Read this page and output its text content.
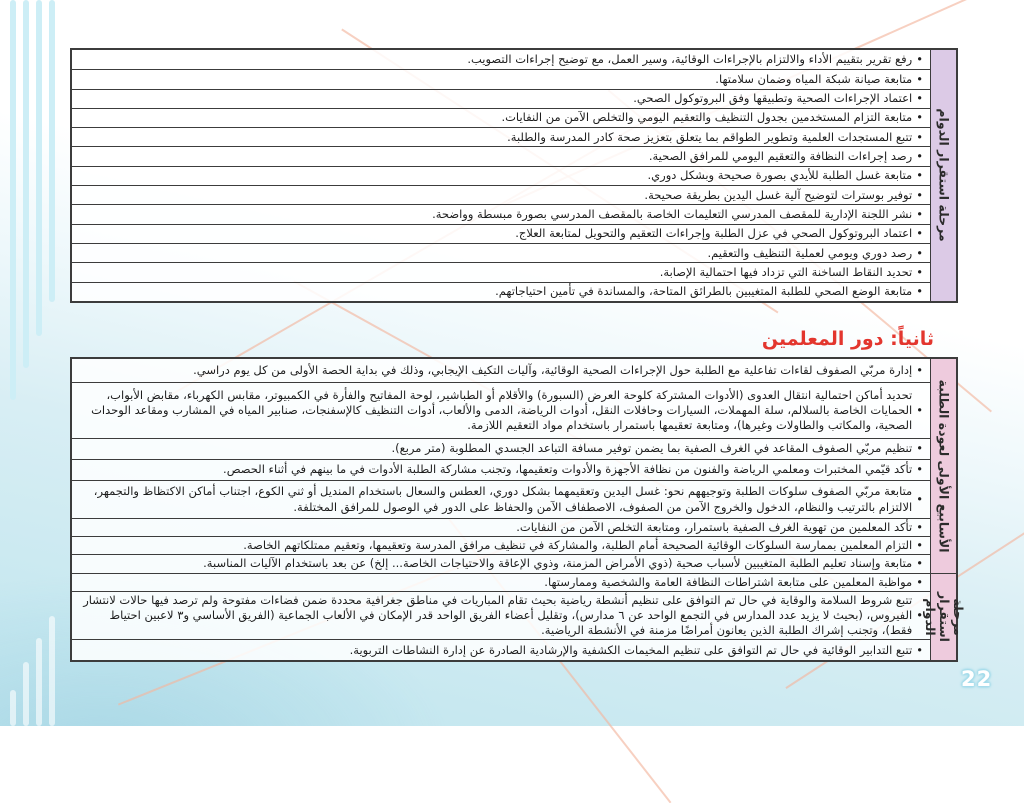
مرحلة استقرار الدوام
•
رفع تقرير بتقييم الأداء والالتزام بالإجراءات الوقائية، وسير العمل، مع توضيح إجراءات التصويب.
•
متابعة صيانة شبكة المياه وضمان سلامتها.
•
اعتماد الإجراءات الصحية وتطبيقها وفق البروتوكول الصحي.
•
متابعة التزام المستخدمين بجدول التنظيف والتعقيم اليومي والتخلص الآمن من النفايات.
•
تتبع المستجدات العلمية وتطوير الطواقم بما يتعلق بتعزيز صحة كادر المدرسة والطلبة.
•
رصد إجراءات النظافة والتعقيم اليومي للمرافق الصحية.
•
متابعة غسل الطلبة للأيدي بصورة صحيحة وبشكل دوري.
•
توفير بوسترات لتوضيح آلية غسل اليدين بطريقة صحيحة.
•
نشر اللجنة الإدارية للمقصف المدرسي التعليمات الخاصة بالمقصف المدرسي بصورة مبسطة وواضحة.
•
اعتماد البروتوكول الصحي في عزل الطلبة وإجراءات التعقيم والتحويل لمتابعة العلاج.
•
رصد دوري ويومي لعملية التنظيف والتعقيم.
•
تحديد النقاط الساخنة التي تزداد فيها احتمالية الإصابة.
•
متابعة الوضع الصحي للطلبة المتغيبين بالطرائق المتاحة، والمساندة في تأمين احتياجاتهم.
ثانياً: دور المعلمين
الأسابيع الأولى لعودة الطلبة
•
إدارة مربّي الصفوف لقاءات تفاعلية مع الطلبة حول الإجراءات الصحية الوقائية، وآليات التكيف الإيجابي، وذلك في بداية الحصة الأولى من كل يوم دراسي.
•
تحديد أماكن احتمالية انتقال العدوى (الأدوات المشتركة كلوحة العرض (السبورة) والأقلام أو الطباشير، لوحة المفاتيح والفأرة في الكمبيوتر، مقابس الكهرباء، مقابض الأبواب، الحمايات الخاصة بالسلالم، سلة المهملات، السيارات وحافلات النقل، أدوات الرياضة، الدمى والألعاب، أدوات التنظيف كالإسفنجات، صنابير المياه في المشارب ومقاعد الوحدات الصحية، والمكاتب والطاولات وغيرها)، ومتابعة تعقيمها باستمرار باستخدام مواد التعقيم اللازمة.
•
تنظيم مربّي الصفوف المقاعد في الغرف الصفية بما يضمن توفير مسافة التباعد الجسدي المطلوبة (متر مربع).
•
تأكد قيّمي المختبرات ومعلمي الرياضة والفنون من نظافة الأجهزة والأدوات وتعقيمها، وتجنب مشاركة الطلبة الأدوات في ما بينهم في أثناء الحصص.
•
متابعة مربّي الصفوف سلوكات الطلبة وتوجيههم نحو: غسل اليدين وتعقيمهما بشكل دوري، العطس والسعال باستخدام المنديل أو ثني الكوع، اجتناب أماكن الاكتظاظ والتجمهر، الالتزام بالترتيب والنظام، الدخول والخروج الآمن من الصفوف، الاصطفاف الآمن والحفاظ على الدور في الوصول للمرافق المختلفة.
•
تأكد المعلمين من تهوية الغرف الصفية باستمرار، ومتابعة التخلص الآمن من النفايات.
•
التزام المعلمين بممارسة السلوكات الوقائية الصحيحة أمام الطلبة، والمشاركة في تنظيف مرافق المدرسة وتعقيمها، وتعقيم ممتلكاتهم الخاصة.
•
متابعة وإسناد تعليم الطلبة المتغيبين لأسباب صحية (ذوي الأمراض المزمنة، وذوي الإعاقة والاحتياجات الخاصة... إلخ) عن بعد باستخدام الآليات المناسبة.
مرحلة استقرار الدوام
•
مواظبة المعلمين على متابعة اشتراطات النظافة العامة والشخصية وممارستها.
•
تتبع شروط السلامة والوقاية في حال تم التوافق على تنظيم أنشطة رياضية بحيث تقام المباريات في مناطق جغرافية محددة ضمن فضاءات مفتوحة ولم ترصد فيها حالات لانتشار الفيروس، (بحيث لا يزيد عدد المدارس في التجمع الواحد عن ٦ مدارس)، وتقليل أعضاء الفريق الواحد قدر الإمكان في الألعاب الجماعية (الفريق الأساسي و٣ لاعبين احتياط فقط)، وتجنب إشراك الطلبة الذين يعانون أمراضًا مزمنة في الأنشطة الرياضية.
•
تتبع التدابير الوقائية في حال تم التوافق على تنظيم المخيمات الكشفية والإرشادية الصادرة عن إدارة النشاطات التربوية.
22
